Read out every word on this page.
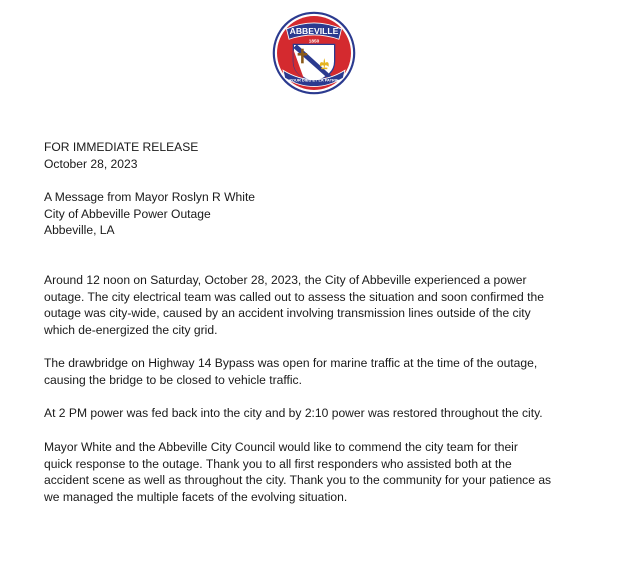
ABBEVILLE
1850
POUR DIEU ET LA PATRIE
FOR IMMEDIATE RELEASE
October 28, 2023
A Message from Mayor Roslyn R White
City of Abbeville Power Outage
Abbeville, LA
Around 12 noon on Saturday, October 28, 2023, the City of Abbeville experienced a power
outage. The city electrical team was called out to assess the situation and soon confirmed the
outage was city-wide, caused by an accident involving transmission lines outside of the city
which de-energized the city grid.
The drawbridge on Highway 14 Bypass was open for marine traffic at the time of the outage,
causing the bridge to be closed to vehicle traffic.
At 2 PM power was fed back into the city and by 2:10 power was restored throughout the city.
Mayor White and the Abbeville City Council would like to commend the city team for their
quick response to the outage. Thank you to all first responders who assisted both at the
accident scene as well as throughout the city. Thank you to the community for your patience as
we managed the multiple facets of the evolving situation.
